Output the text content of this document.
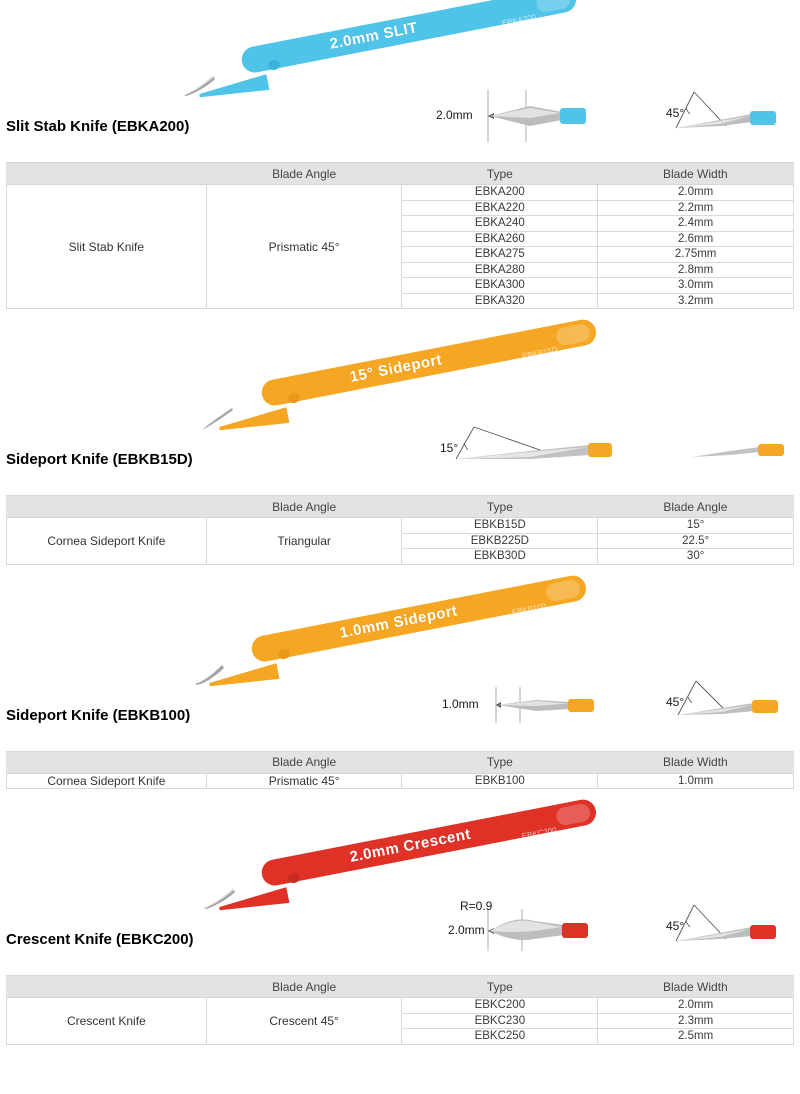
2.0mm SLIT	EBKA200
Slit Stab Knife (EBKA200)
2.0mm	45°
	Blade Angle	Type	Blade Width
Slit Stab Knife	Prismatic 45°	EBKA200	2.0mm
		EBKA220	2.2mm
		EBKA240	2.4mm
		EBKA260	2.6mm
		EBKA275	2.75mm
		EBKA280	2.8mm
		EBKA300	3.0mm
		EBKA320	3.2mm
15° Sideport	EBKB15D
Sideport Knife (EBKB15D)
15°
	Blade Angle	Type	Blade Angle
Cornea Sideport Knife	Triangular	EBKB15D	15°
		EBKB225D	22.5°
		EBKB30D	30°
1.0mm Sideport	EBKB100
Sideport Knife (EBKB100)
1.0mm	45°
	Blade Angle	Type	Blade Width
Cornea Sideport Knife	Prismatic 45°	EBKB100	1.0mm
2.0mm Crescent	EBKC200
Crescent Knife (EBKC200)
2.0mm
R=0.9
45°
	Blade Angle	Type	Blade Width
Crescent Knife	Crescent 45°	EBKC200	2.0mm
		EBKC230	2.3mm
		EBKC250	2.5mm
